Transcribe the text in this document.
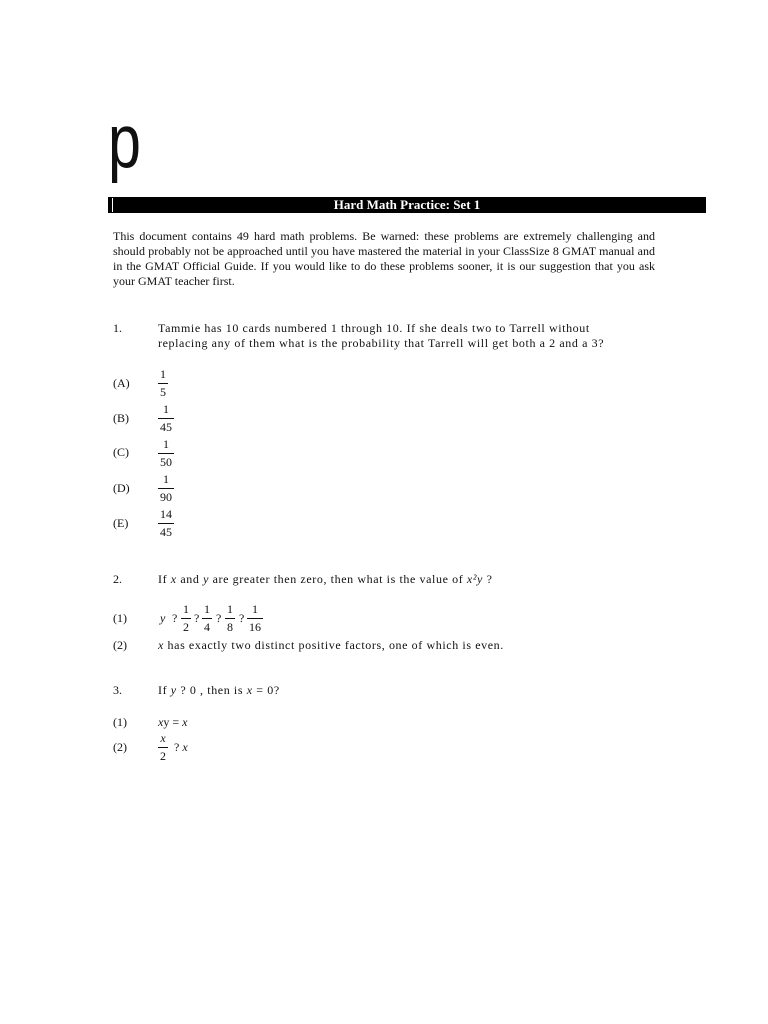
p
Hard Math Practice: Set 1
This document contains 49 hard math problems. Be warned: these problems are extremely challenging and should probably not be approached until you have mastered the material in your ClassSize 8 GMAT manual and in the GMAT Official Guide. If you would like to do these problems sooner, it is our suggestion that you ask your GMAT teacher first.
1.	Tammie has 10 cards numbered 1 through 10. If she deals two to Tarrell without
replacing any of them what is the probability that Tarrell will get both a 2 and a 3?
(A)
1
5
(B)
1
45
(C)
1
50
(D)
1
90
(E)
14
45
2.	If x and y are greater then zero, then what is the value of x²y ?
(1)	y ?
1
2
?
1
4
?
1
8
?
1
16
(2)	x has exactly two distinct positive factors, one of which is even.
3.	If y ? 0 , then is x = 0?
(1)	xy = x
(2)
x
2
? x
